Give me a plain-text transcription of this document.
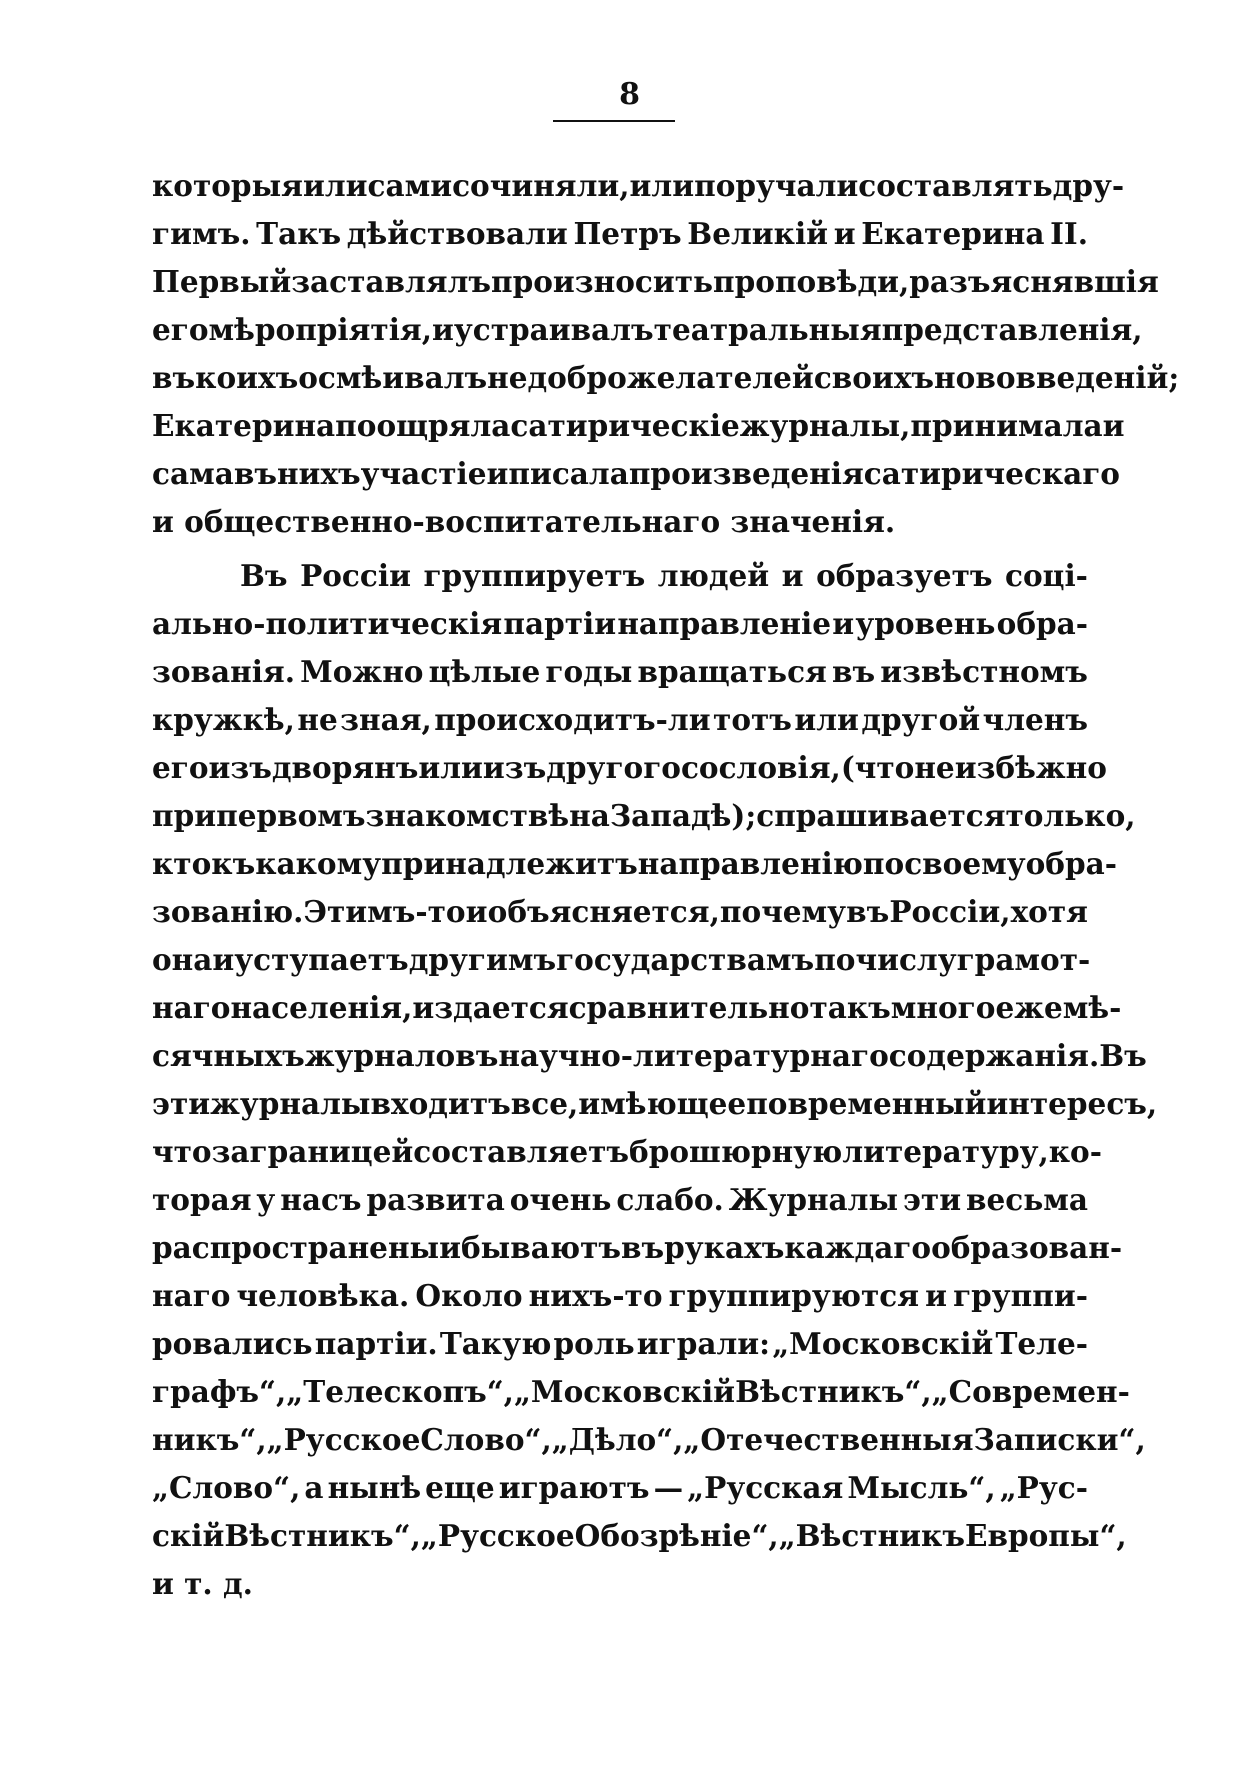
8
которыя или сами сочиняли, или поручали составлять дру-
гимъ. Такъ дѣйствовали Петръ Великій и Екатерина II.
Первый заставлялъ произносить проповѣди, разъяснявшія
его мѣропріятія, и устраивалъ театральныя представленія,
въ коихъ осмѣивалъ недоброжелателей своихъ нововведеній;
Екатерина поощряла сатирическіе журналы, принимала и
сама въ нихъ участіе и писала произведенія сатирическаго
и общественно-воспитательнаго значенія.
Въ Россіи группируетъ людей и образуетъ соці-
ально-политическія партіи направленіе и уровень обра-
зованія. Можно цѣлые годы вращаться въ извѣстномъ
кружкѣ, не зная, происходитъ-ли тотъ или другой членъ
его изъ дворянъ или изъ другого сословія, (что неизбѣжно
при первомъ знакомствѣ на Западѣ); спрашивается только,
кто къ какому принадлежитъ направленію по своему обра-
зованію. Этимъ-то и объясняется, почему въ Россіи, хотя
она и уступаетъ другимъ государствамъ по числу грамот-
наго населенія, издается сравнительно такъ много ежемѣ-
сячныхъ журналовъ научно-литературнаго содержанія. Въ
эти журналы входитъ все, имѣющее повременный интересъ,
что за границей составляетъ брошюрную литературу, ко-
торая у насъ развита очень слабо. Журналы эти весьма
распространены и бываютъ въ рукахъ каждаго образован-
наго человѣка. Около нихъ-то группируются и группи-
ровались партіи. Такую роль играли: „Московскій Теле-
графъ“, „Телескопъ“, „Московскій Вѣстникъ“, „Современ-
никъ“, „Русское Слово“, „Дѣло“, „Отечественныя Записки“,
„Слово“, а нынѣ еще играютъ — „Русская Мысль“, „Рус-
скій Вѣстникъ“, „Русское Обозрѣніе“, „Вѣстникъ Европы“,
и т. д.
